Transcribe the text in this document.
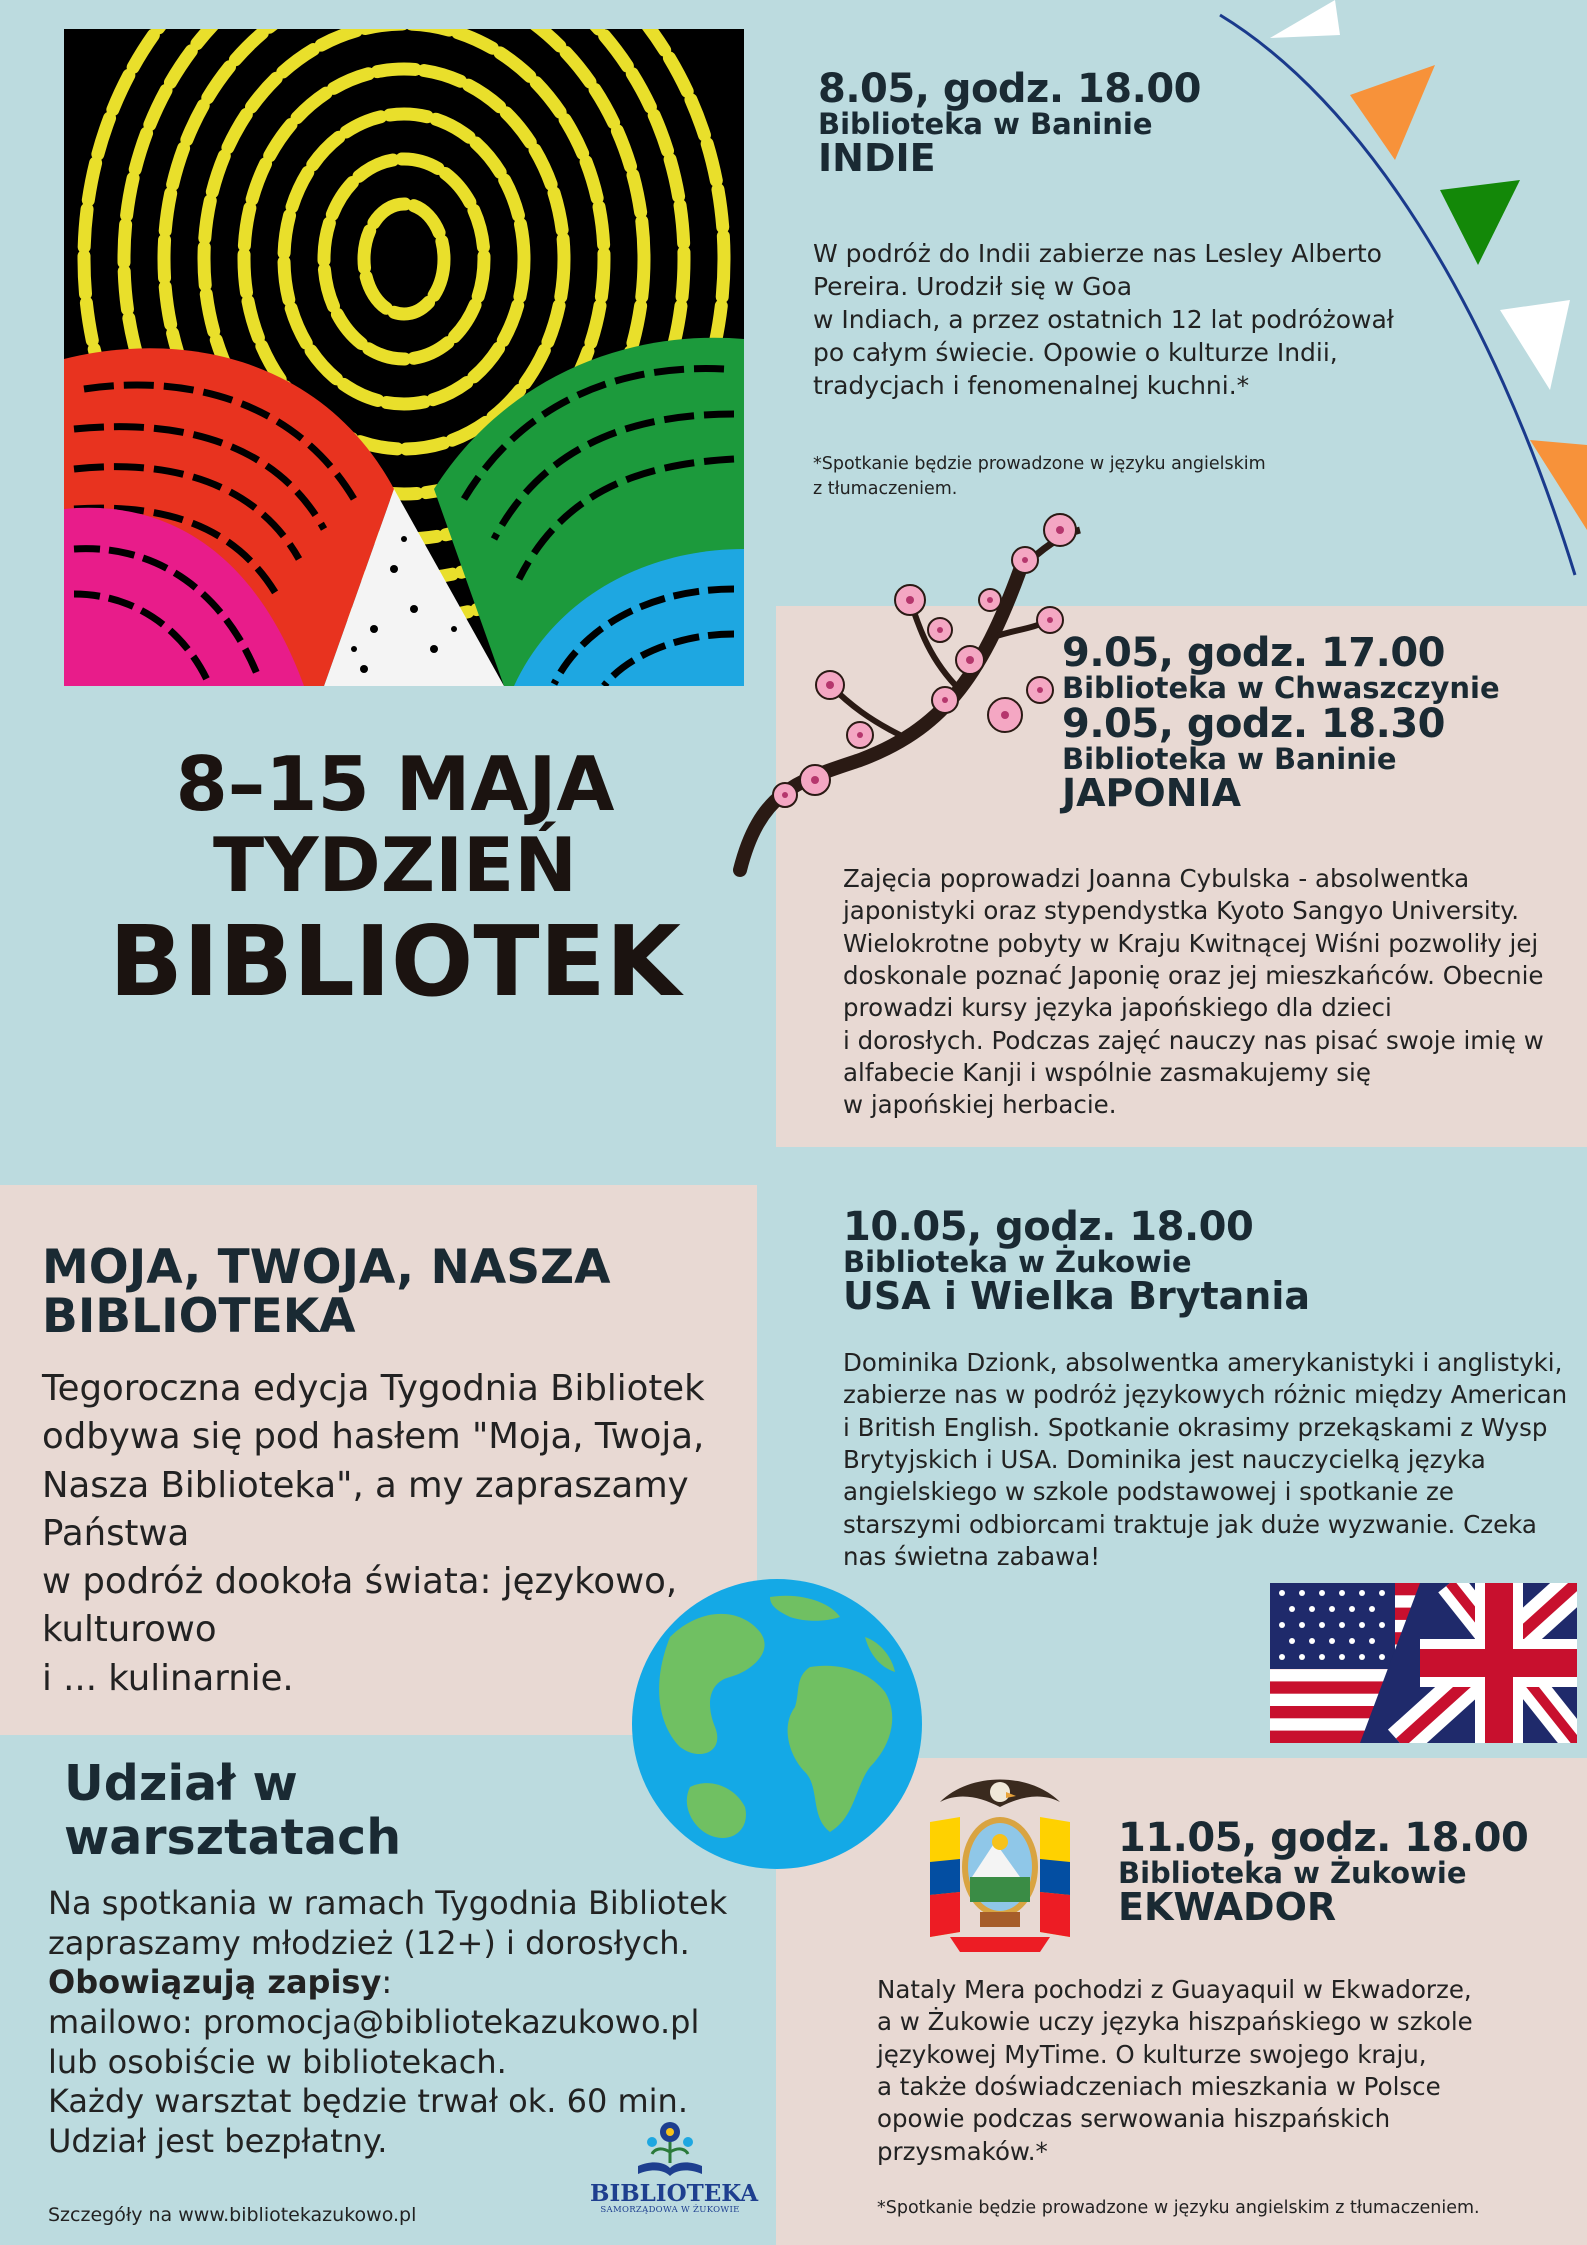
8.05, godz. 18.00
Biblioteka w Baninie
INDIE
W podróż do Indii zabierze nas Lesley Alberto Pereira. Urodził się w Goa
w Indiach, a przez ostatnich 12 lat podróżował po całym świecie. Opowie o kulturze Indii, tradycjach i fenomenalnej kuchni.*
*Spotkanie będzie prowadzone w języku angielskim
z tłumaczeniem.
9.05, godz. 17.00
Biblioteka w Chwaszczynie
9.05, godz. 18.30
Biblioteka w Baninie
JAPONIA
Zajęcia poprowadzi Joanna Cybulska - absolwentka japonistyki oraz stypendystka Kyoto Sangyo University. Wielokrotne pobyty w Kraju Kwitnącej Wiśni pozwoliły jej doskonale poznać Japonię oraz jej mieszkańców. Obecnie prowadzi kursy języka japońskiego dla dzieci
i dorosłych. Podczas zajęć nauczy nas pisać swoje imię w alfabecie Kanji i wspólnie zasmakujemy się
w japońskiej herbacie.
8–15 MAJA
TYDZIEŃ
BIBLIOTEK
MOJA, TWOJA, NASZA BIBLIOTEKA
Tegoroczna edycja Tygodnia Bibliotek odbywa się pod hasłem "Moja, Twoja, Nasza Biblioteka", a my zapraszamy Państwa
w podróż dookoła świata: językowo, kulturowo
i ... kulinarnie.
10.05, godz. 18.00
Biblioteka w Żukowie
USA i Wielka Brytania
Dominika Dzionk, absolwentka amerykanistyki i anglistyki, zabierze nas w podróż językowych różnic między American i British English. Spotkanie okrasimy przekąskami z Wysp Brytyjskich i USA. Dominika jest nauczycielką języka angielskiego w szkole podstawowej i spotkanie ze starszymi odbiorcami traktuje jak duże wyzwanie. Czeka nas świetna zabawa!
11.05, godz. 18.00
Biblioteka w Żukowie
EKWADOR
Nataly Mera pochodzi z Guayaquil w Ekwadorze,
a w Żukowie uczy języka hiszpańskiego w szkole językowej MyTime. O kulturze swojego kraju,
a także doświadczeniach mieszkania w Polsce opowie podczas serwowania hiszpańskich przysmaków.*
*Spotkanie będzie prowadzone w języku angielskim z tłumaczeniem.
Udział w warsztatach
Na spotkania w ramach Tygodnia Bibliotek zapraszamy młodzież (12+) i dorosłych.
Obowiązują zapisy:
mailowo: promocja@bibliotekazukowo.pl
lub osobiście w bibliotekach.
Każdy warsztat będzie trwał ok. 60 min.
Udział jest bezpłatny.
Szczegóły na www.bibliotekazukowo.pl
BIBLIOTEKA
SAMORZĄDOWA W ŻUKOWIE
